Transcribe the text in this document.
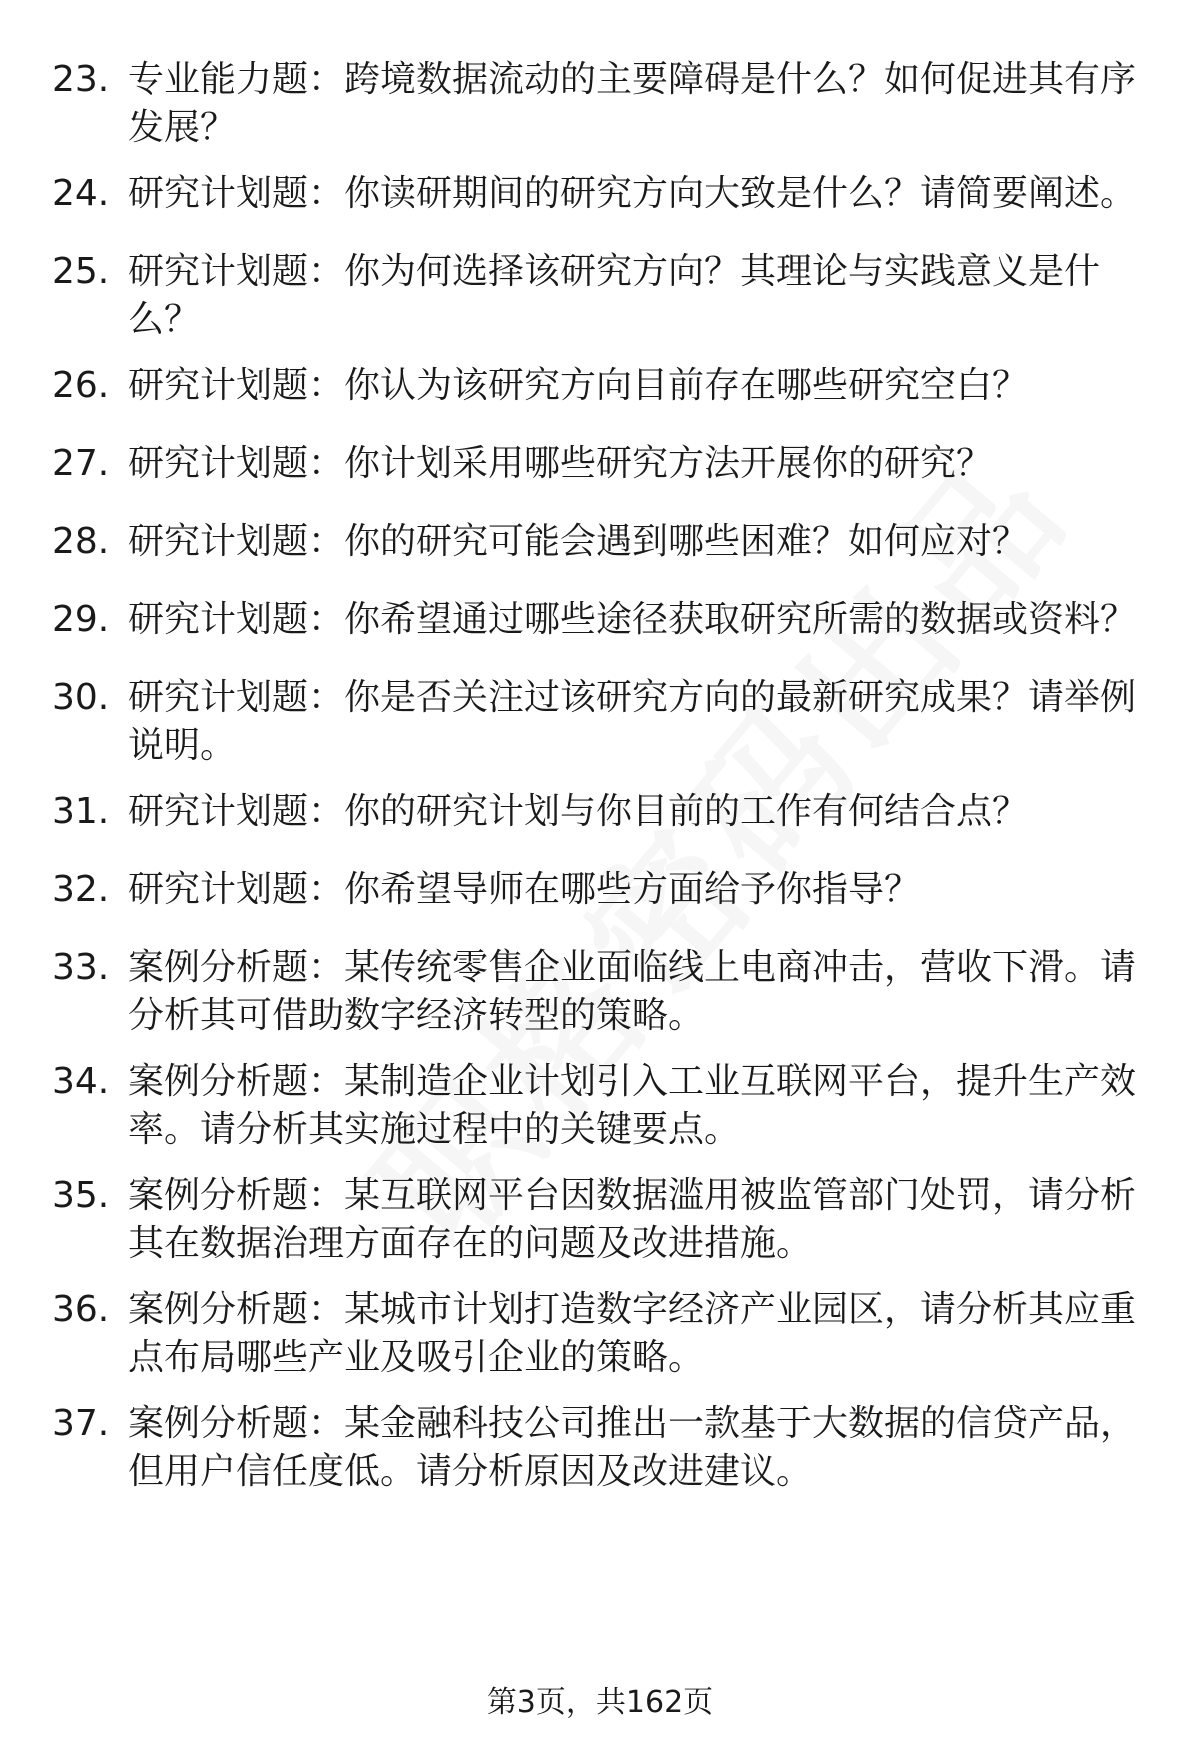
23. 专业能力题：跨境数据流动的主要障碍是什么？如何促进其有序发展？
24. 研究计划题：你读研期间的研究方向大致是什么？请简要阐述。
25. 研究计划题：你为何选择该研究方向？其理论与实践意义是什么？
26. 研究计划题：你认为该研究方向目前存在哪些研究空白？
27. 研究计划题：你计划采用哪些研究方法开展你的研究？
28. 研究计划题：你的研究可能会遇到哪些困难？如何应对？
29. 研究计划题：你希望通过哪些途径获取研究所需的数据或资料？
30. 研究计划题：你是否关注过该研究方向的最新研究成果？请举例说明。
31. 研究计划题：你的研究计划与你目前的工作有何结合点？
32. 研究计划题：你希望导师在哪些方面给予你指导？
33. 案例分析题：某传统零售企业面临线上电商冲击，营收下滑。请分析其可借助数字经济转型的策略。
34. 案例分析题：某制造企业计划引入工业互联网平台，提升生产效率。请分析其实施过程中的关键要点。
35. 案例分析题：某互联网平台因数据滥用被监管部门处罚，请分析其在数据治理方面存在的问题及改进措施。
36. 案例分析题：某城市计划打造数字经济产业园区，请分析其应重点布局哪些产业及吸引企业的策略。
37. 案例分析题：某金融科技公司推出一款基于大数据的信贷产品，但用户信任度低。请分析原因及改进建议。
第3页，共162页
